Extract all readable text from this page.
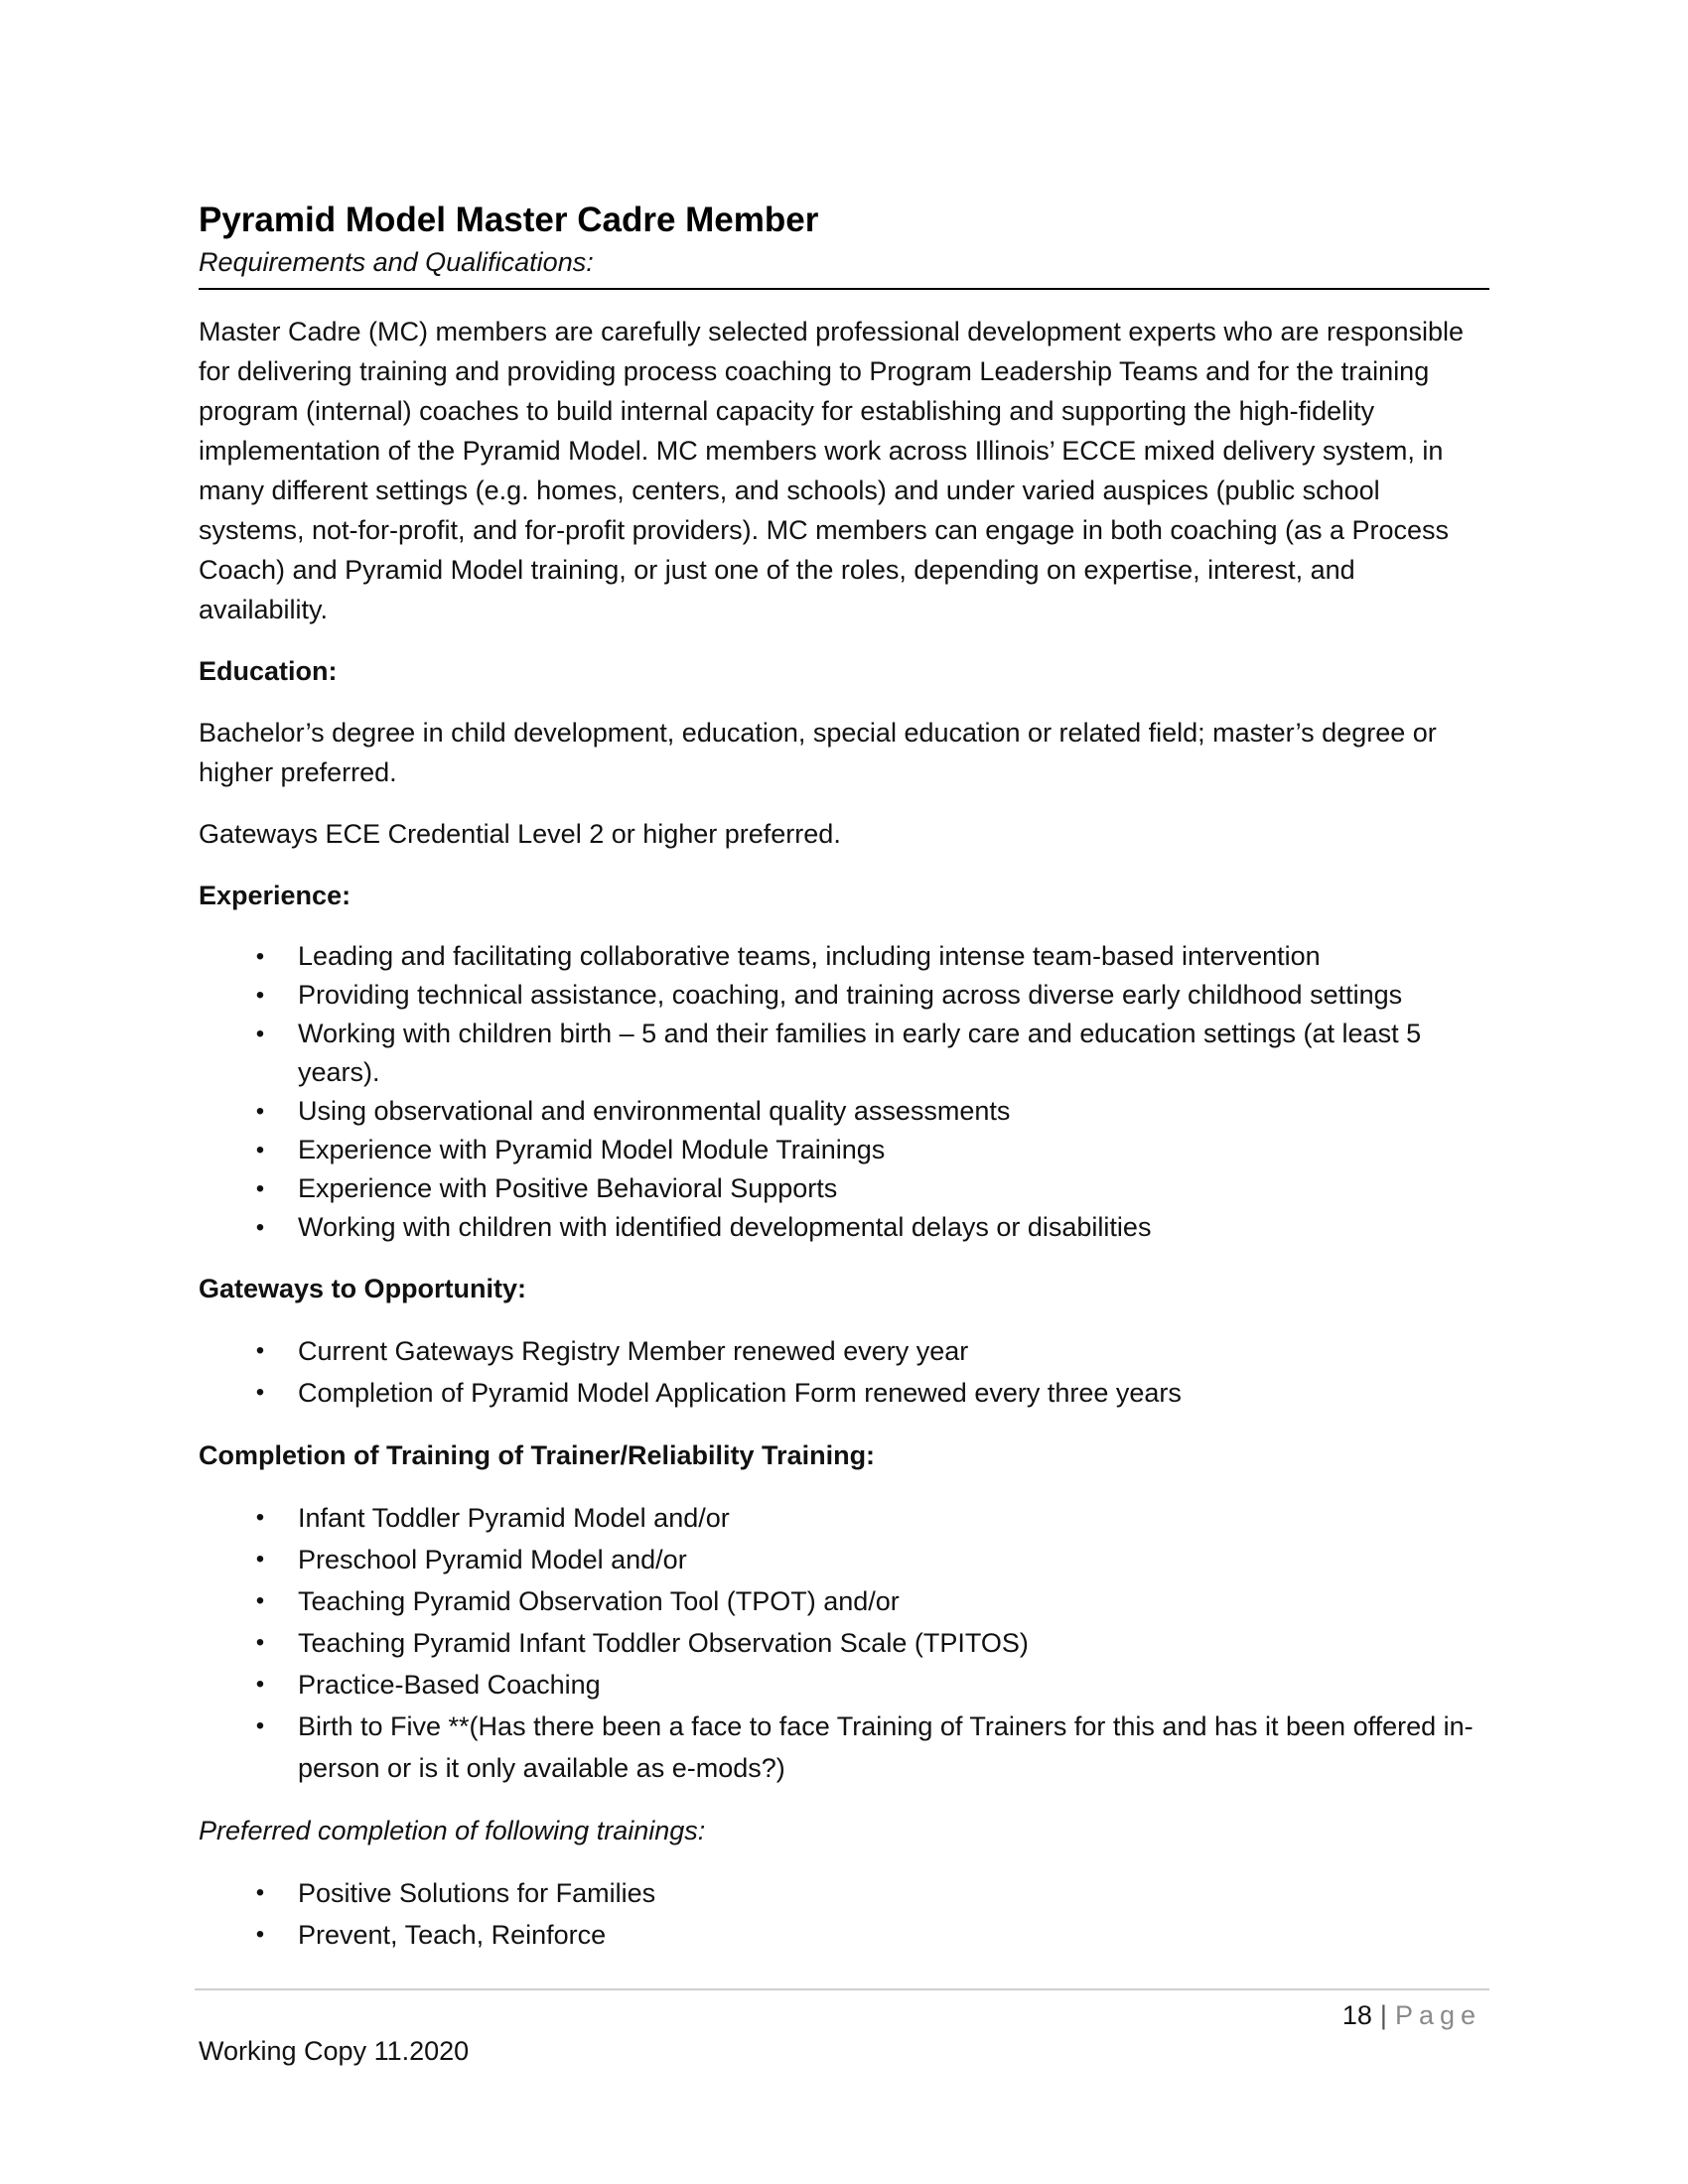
Pyramid Model Master Cadre Member
Requirements and Qualifications:

Master Cadre (MC) members are carefully selected professional development experts who are responsible for delivering training and providing process coaching to Program Leadership Teams and for the training program (internal) coaches to build internal capacity for establishing and supporting the high-fidelity implementation of the Pyramid Model. MC members work across Illinois’ ECCE mixed delivery system, in many different settings (e.g. homes, centers, and schools) and under varied auspices (public school systems, not-for-profit, and for-profit providers). MC members can engage in both coaching (as a Process Coach) and Pyramid Model training, or just one of the roles, depending on expertise, interest, and availability.

Education:

Bachelor’s degree in child development, education, special education or related field; master’s degree or higher preferred.

Gateways ECE Credential Level 2 or higher preferred.

Experience:
• Leading and facilitating collaborative teams, including intense team-based intervention
• Providing technical assistance, coaching, and training across diverse early childhood settings
• Working with children birth – 5 and their families in early care and education settings (at least 5 years).
• Using observational and environmental quality assessments
• Experience with Pyramid Model Module Trainings
• Experience with Positive Behavioral Supports
• Working with children with identified developmental delays or disabilities
Gateways to Opportunity:
• Current Gateways Registry Member renewed every year
• Completion of Pyramid Model Application Form renewed every three years
Completion of Training of Trainer/Reliability Training:
• Infant Toddler Pyramid Model and/or
• Preschool Pyramid Model and/or
• Teaching Pyramid Observation Tool (TPOT) and/or
• Teaching Pyramid Infant Toddler Observation Scale (TPITOS)
• Practice-Based Coaching
• Birth to Five **(Has there been a face to face Training of Trainers for this and has it been offered in-person or is it only available as e-mods?)
Preferred completion of following trainings:
• Positive Solutions for Families
• Prevent, Teach, Reinforce
18 | Page
Working Copy 11.2020
